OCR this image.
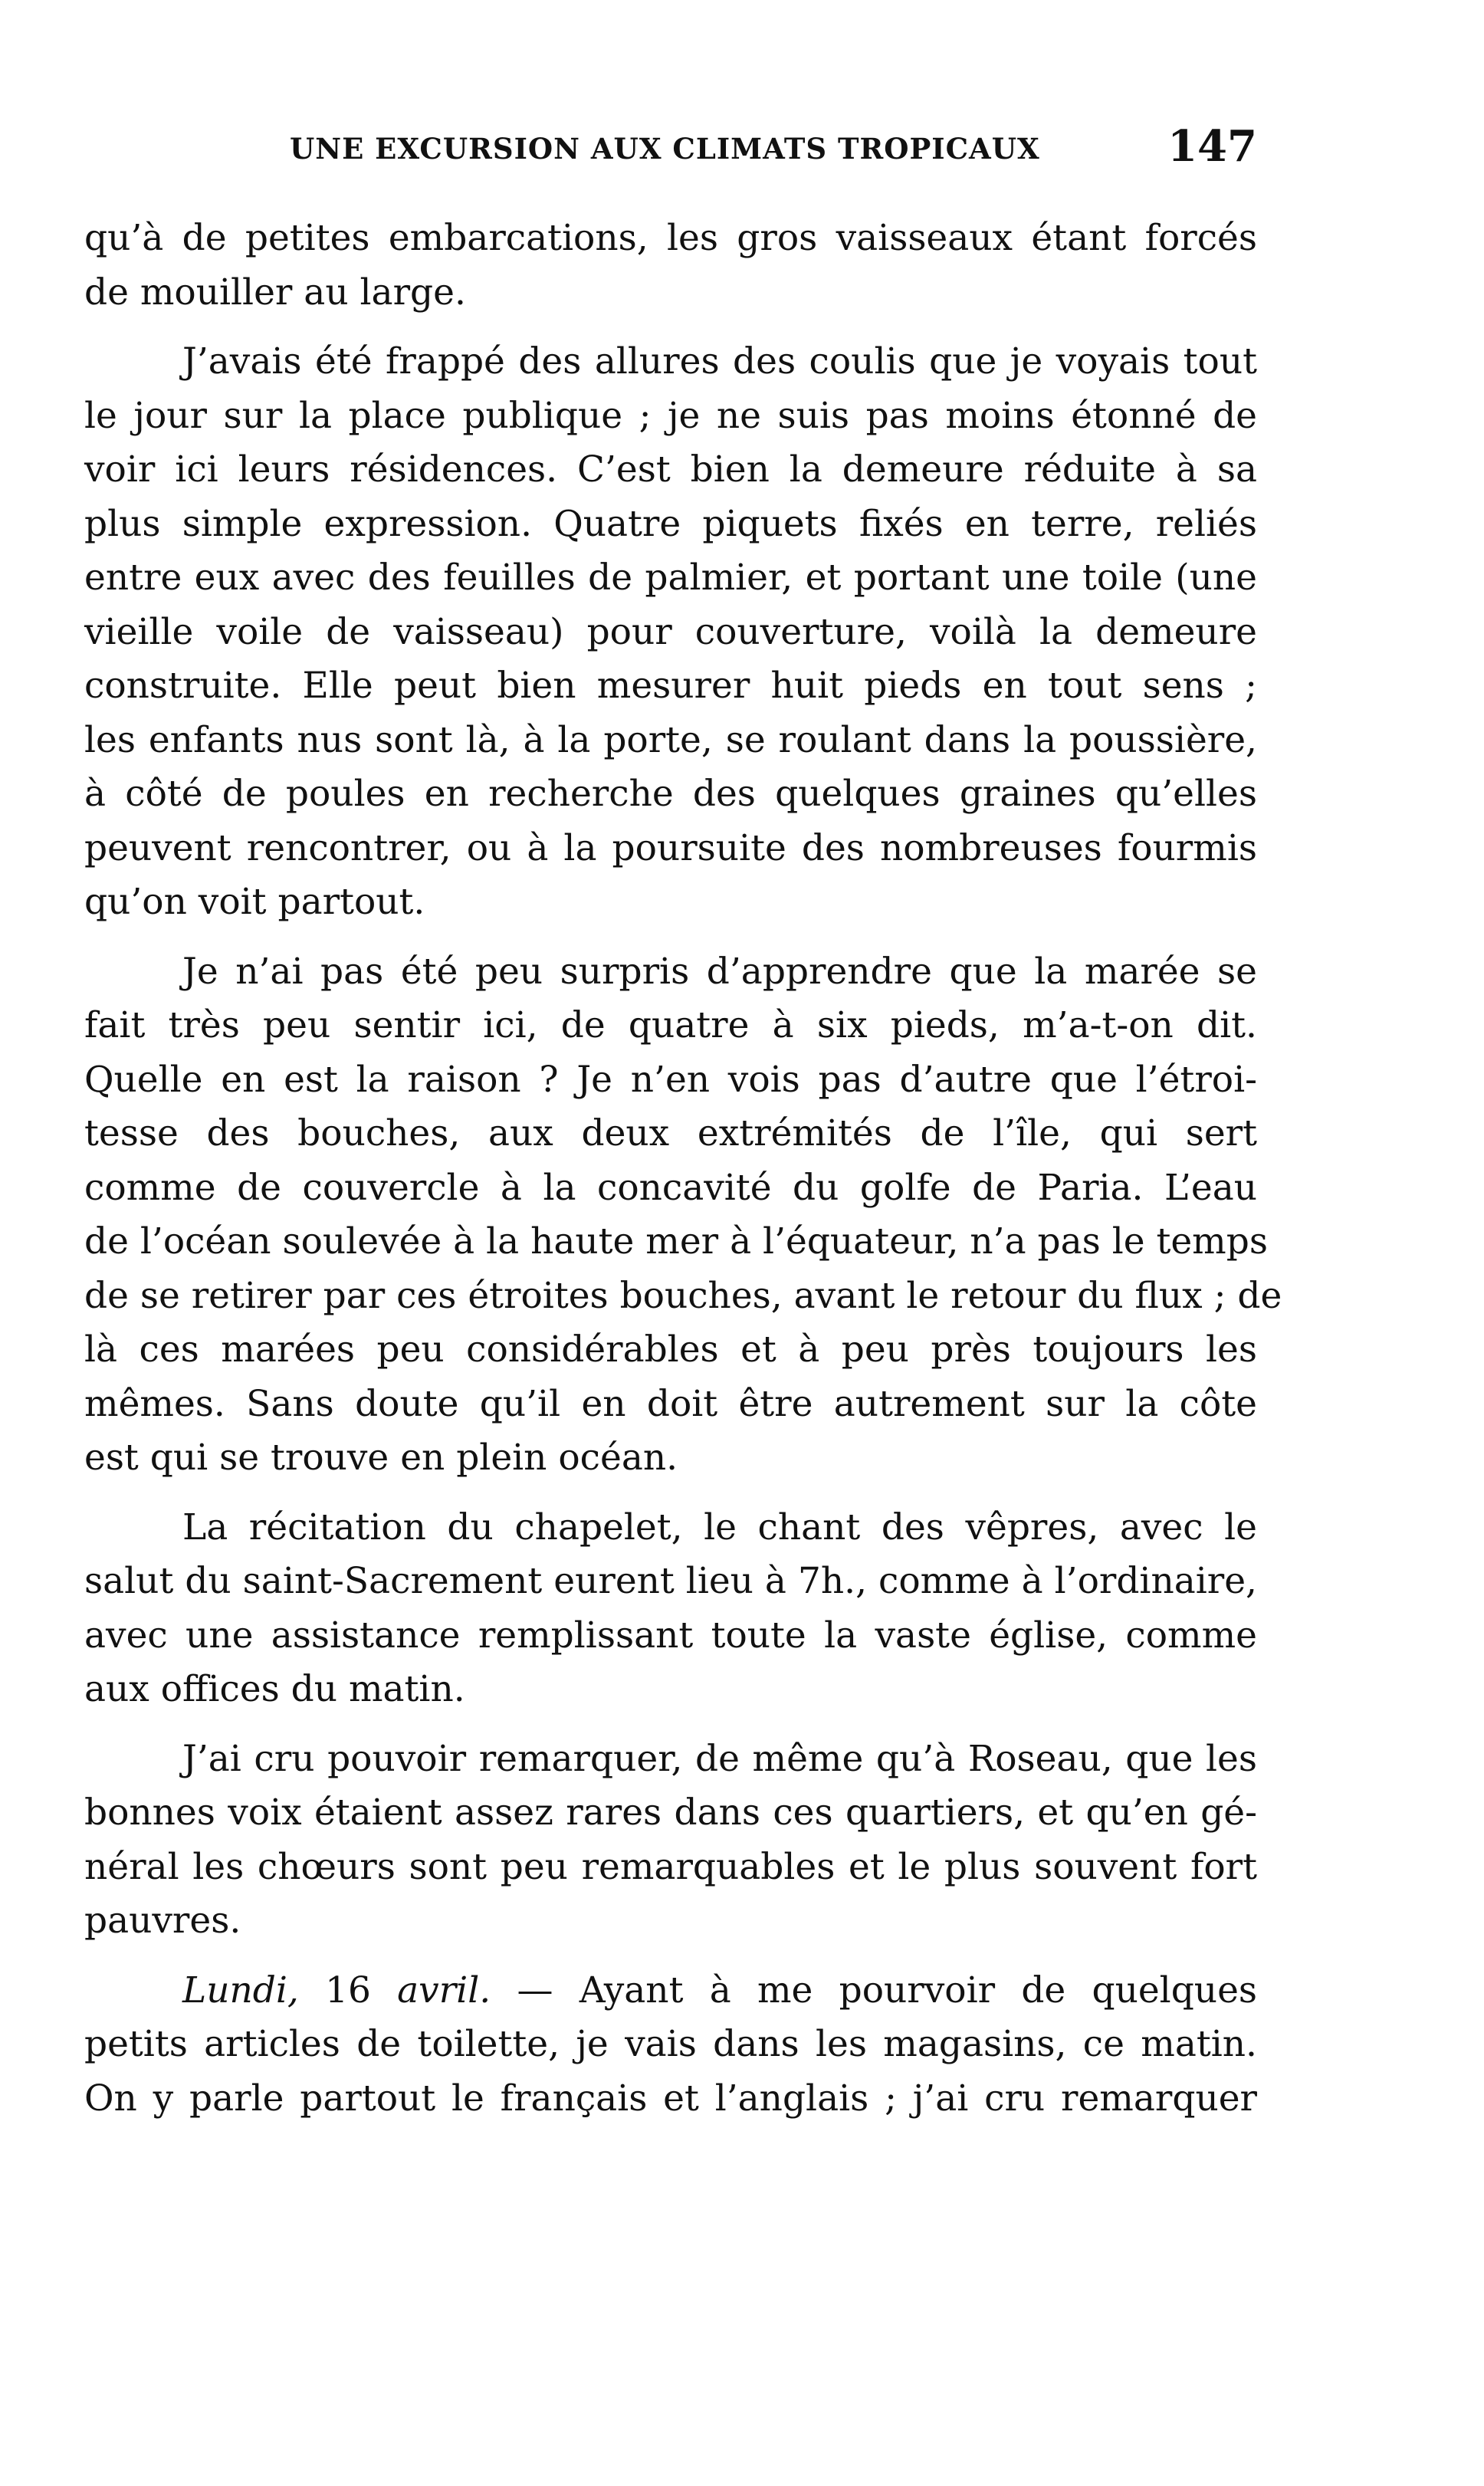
UNE EXCURSION AUX CLIMATS TROPICAUX	147
qu’à de petites embarcations, les gros vaisseaux étant forcés
de mouiller au large.
J’avais été frappé des allures des coulis que je voyais tout
le jour sur la place publique ; je ne suis pas moins étonné de
voir ici leurs résidences. C’est bien la demeure réduite à sa
plus simple expression. Quatre piquets fixés en terre, reliés
entre eux avec des feuilles de palmier, et portant une toile (une
vieille voile de vaisseau) pour couverture, voilà la demeure
construite. Elle peut bien mesurer huit pieds en tout sens ;
les enfants nus sont là, à la porte, se roulant dans la poussière,
à côté de poules en recherche des quelques graines qu’elles
peuvent rencontrer, ou à la poursuite des nombreuses fourmis
qu’on voit partout.
Je n’ai pas été peu surpris d’apprendre que la marée se
fait très peu sentir ici, de quatre à six pieds, m’a-t-on dit.
Quelle en est la raison ? Je n’en vois pas d’autre que l’étroi-
tesse des bouches, aux deux extrémités de l’île, qui sert
comme de couvercle à la concavité du golfe de Paria. L’eau
de l’océan soulevée à la haute mer à l’équateur, n’a pas le temps
de se retirer par ces étroites bouches, avant le retour du flux ; de
là ces marées peu considérables et à peu près toujours les
mêmes. Sans doute qu’il en doit être autrement sur la côte
est qui se trouve en plein océan.
La récitation du chapelet, le chant des vêpres, avec le
salut du saint-Sacrement eurent lieu à 7h., comme à l’ordinaire,
avec une assistance remplissant toute la vaste église, comme
aux offices du matin.
J’ai cru pouvoir remarquer, de même qu’à Roseau, que les
bonnes voix étaient assez rares dans ces quartiers, et qu’en gé-
néral les chœurs sont peu remarquables et le plus souvent fort
pauvres.
Lundi, 16 avril. — Ayant à me pourvoir de quelques
petits articles de toilette, je vais dans les magasins, ce matin.
On y parle partout le français et l’anglais ; j’ai cru remarquer
